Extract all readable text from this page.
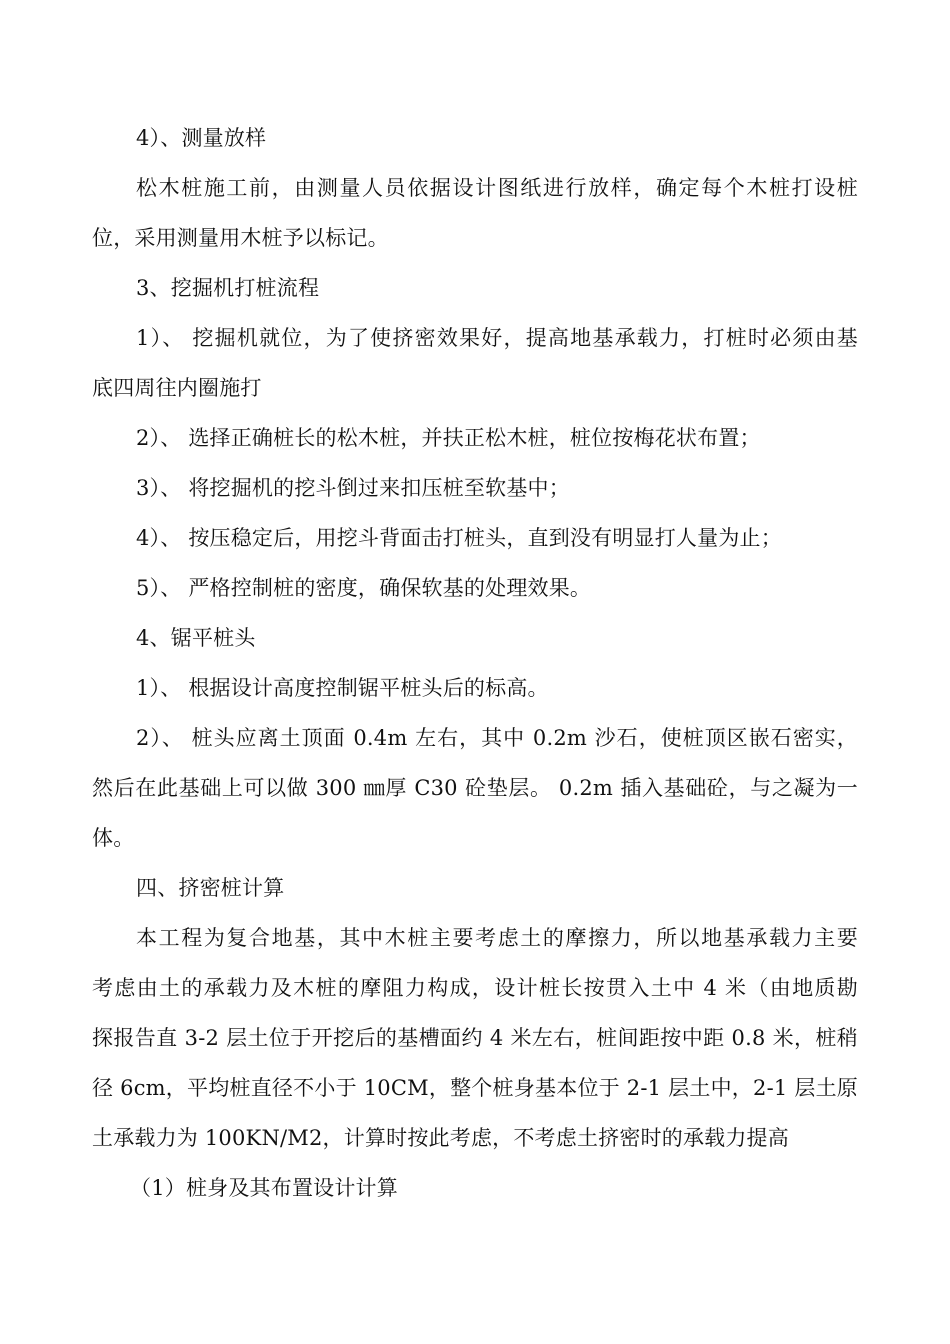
4）、测量放样
松木桩施工前，由测量人员依据设计图纸进行放样，确定每个木桩打设桩
位，采用测量用木桩予以标记。
3、挖掘机打桩流程
1）、 挖掘机就位，为了使挤密效果好，提高地基承载力，打桩时必须由基
底四周往内圈施打
2）、 选择正确桩长的松木桩，并扶正松木桩，桩位按梅花状布置；
3）、 将挖掘机的挖斗倒过来扣压桩至软基中；
4）、 按压稳定后，用挖斗背面击打桩头，直到没有明显打人量为止；
5）、 严格控制桩的密度，确保软基的处理效果。
4、锯平桩头
1）、 根据设计高度控制锯平桩头后的标高。
2）、 桩头应离土顶面 0.4m 左右，其中 0.2m 沙石，使桩顶区嵌石密实，
然后在此基础上可以做 300 ㎜厚 C30 砼垫层。 0.2m 插入基础砼，与之凝为一
体。
四、挤密桩计算
本工程为复合地基，其中木桩主要考虑土的摩擦力，所以地基承载力主要
考虑由土的承载力及木桩的摩阻力构成，设计桩长按贯入土中 4 米（由地质勘
探报告直 3-2 层土位于开挖后的基槽面约 4 米左右，桩间距按中距 0.8 米，桩稍
径 6cm，平均桩直径不小于 10CM，整个桩身基本位于 2-1 层土中，2-1 层土原
土承载力为 100KN/M2，计算时按此考虑，不考虑土挤密时的承载力提高
（1）桩身及其布置设计计算
